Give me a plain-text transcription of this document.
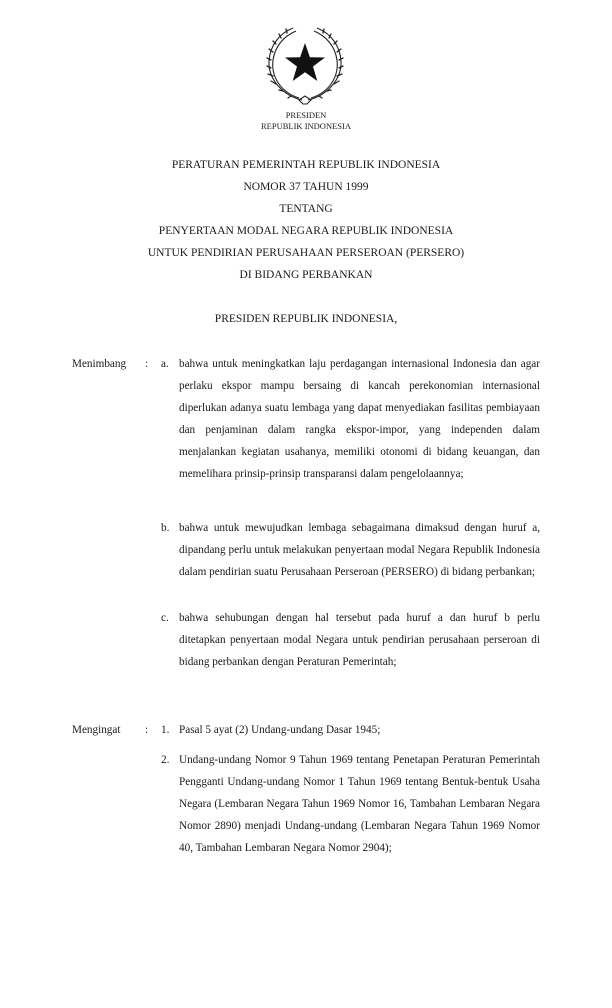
PRESIDEN
REPUBLIK INDONESIA
PERATURAN PEMERINTAH REPUBLIK INDONESIA
NOMOR 37 TAHUN 1999
TENTANG
PENYERTAAN MODAL NEGARA REPUBLIK INDONESIA
UNTUK PENDIRIAN PERUSAHAAN PERSEROAN (PERSERO)
DI BIDANG PERBANKAN
PRESIDEN REPUBLIK INDONESIA,
Menimbang : a. bahwa untuk meningkatkan laju perdagangan internasional Indonesia dan agar perlaku ekspor mampu bersaing di kancah perekonomian internasional diperlukan adanya suatu lembaga yang dapat menyediakan fasilitas pembiayaan dan penjaminan dalam rangka ekspor-impor, yang independen dalam menjalankan kegiatan usahanya, memiliki otonomi di bidang keuangan, dan memelihara prinsip-prinsip transparansi dalam pengelolaannya;
b. bahwa untuk mewujudkan lembaga sebagaimana dimaksud dengan huruf a, dipandang perlu untuk melakukan penyertaan modal Negara Republik Indonesia dalam pendirian suatu Perusahaan Perseroan (PERSERO) di bidang perbankan;
c. bahwa sehubungan dengan hal tersebut pada huruf a dan huruf b perlu ditetapkan penyertaan modal Negara untuk pendirian perusahaan perseroan di bidang perbankan dengan Peraturan Pemerintah;
Mengingat : 1. Pasal 5 ayat (2) Undang-undang Dasar 1945;
2. Undang-undang Nomor 9 Tahun 1969 tentang Penetapan Peraturan Pemerintah Pengganti Undang-undang Nomor 1 Tahun 1969 tentang Bentuk-bentuk Usaha Negara (Lembaran Negara Tahun 1969 Nomor 16, Tambahan Lembaran Negara Nomor 2890) menjadi Undang-undang (Lembaran Negara Tahun 1969 Nomor 40, Tambahan Lembaran Negara Nomor 2904);
